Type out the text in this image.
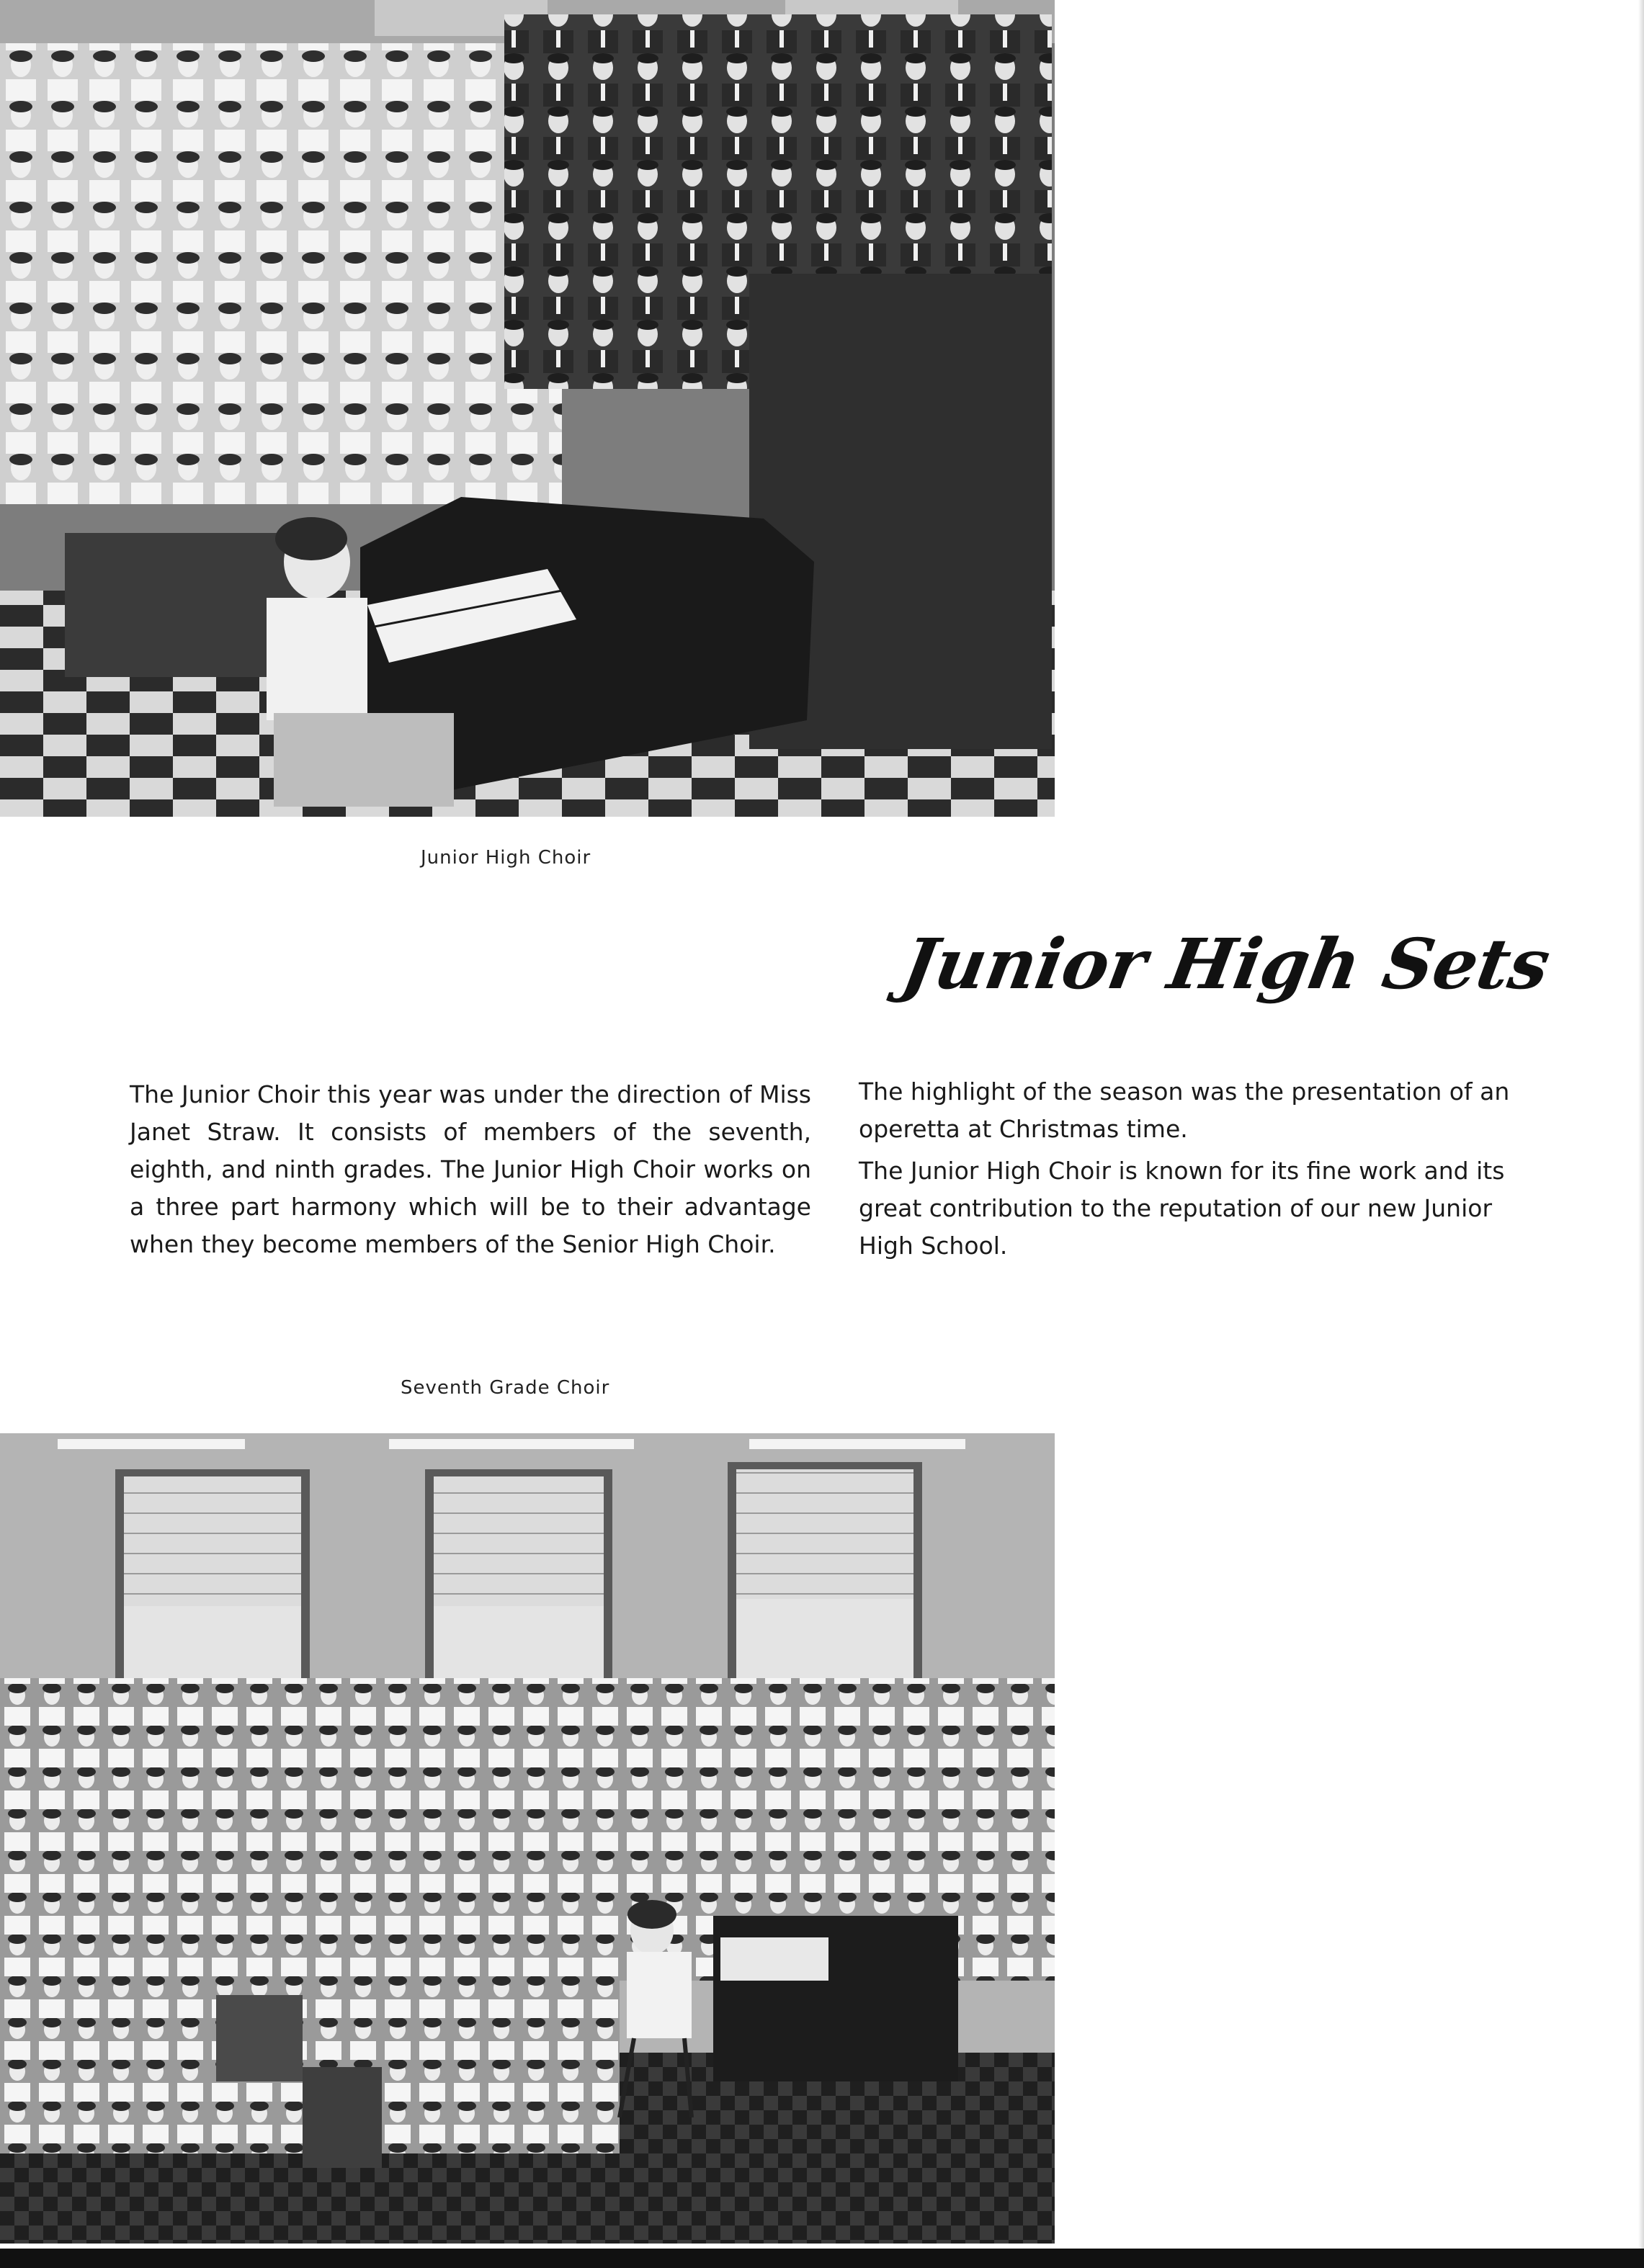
Junior High Choir
Junior High Sets
The Junior Choir this year was under the direction of Miss Janet Straw. It consists of members of the seventh, eighth, and ninth grades. The Junior High Choir works on a three part harmony which will be to their advantage when they become members of the Senior High Choir.

The highlight of the season was the presentation of an operetta at Christmas time.

The Junior High Choir is known for its fine work and its great contribution to the reputation of our new Junior High School.

Seventh Grade Choir
